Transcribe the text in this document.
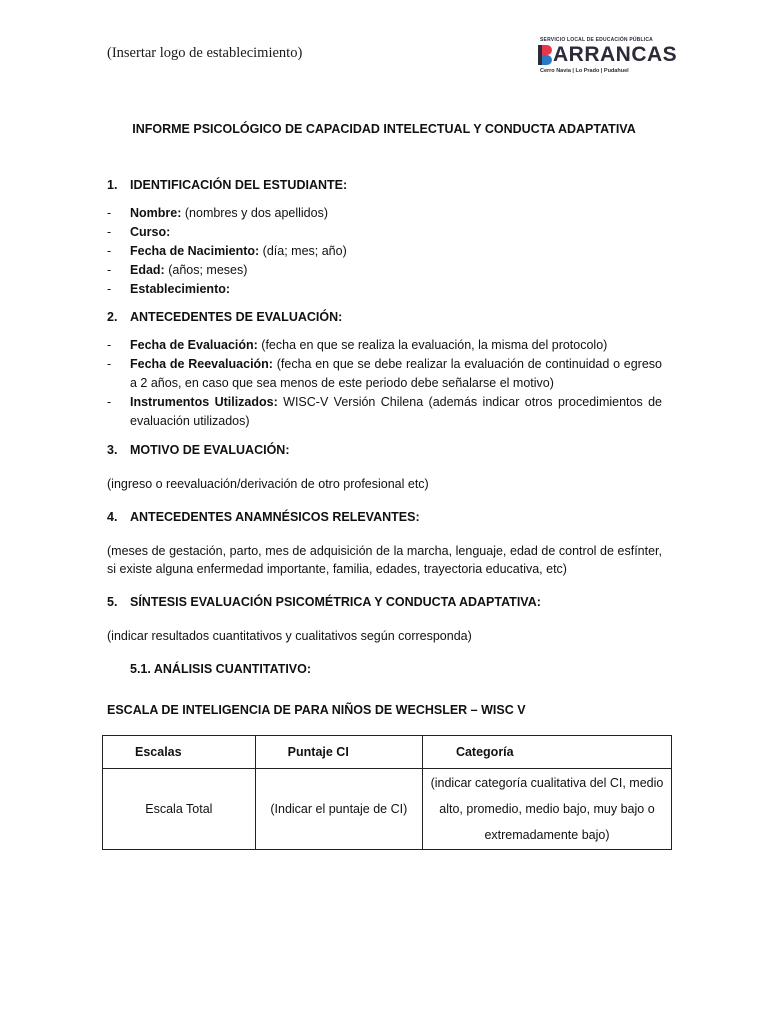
(Insertar logo de establecimiento)
SERVICIO LOCAL DE EDUCACIÓN PÚBLICA
ARRANCAS
Cerro Navia | Lo Prado | Pudahuel
INFORME PSICOLÓGICO DE CAPACIDAD INTELECTUAL Y CONDUCTA ADAPTATIVA
1. IDENTIFICACIÓN DEL ESTUDIANTE:
- Nombre: (nombres y dos apellidos)
- Curso:
- Fecha de Nacimiento: (día; mes; año)
- Edad: (años; meses)
- Establecimiento:
2. ANTECEDENTES DE EVALUACIÓN:
- Fecha de Evaluación: (fecha en que se realiza la evaluación, la misma del protocolo)
- Fecha de Reevaluación: (fecha en que se debe realizar la evaluación de continuidad o egreso a 2 años, en caso que sea menos de este periodo debe señalarse el motivo)
- Instrumentos Utilizados: WISC-V Versión Chilena (además indicar otros procedimientos de evaluación utilizados)
3. MOTIVO DE EVALUACIÓN:
(ingreso o reevaluación/derivación de otro profesional etc)
4. ANTECEDENTES ANAMNÉSICOS RELEVANTES:
(meses de gestación, parto, mes de adquisición de la marcha, lenguaje, edad de control de esfínter, si existe alguna enfermedad importante, familia, edades, trayectoria educativa, etc)
5. SÍNTESIS EVALUACIÓN PSICOMÉTRICA Y CONDUCTA ADAPTATIVA:
(indicar resultados cuantitativos y cualitativos según corresponda)
5.1. ANÁLISIS CUANTITATIVO:
ESCALA DE INTELIGENCIA DE PARA NIÑOS DE WECHSLER – WISC V
Escalas	Puntaje CI	Categoría
Escala Total	(Indicar el puntaje de CI)	(indicar categoría cualitativa del CI, medio alto, promedio, medio bajo, muy bajo o extremadamente bajo)
